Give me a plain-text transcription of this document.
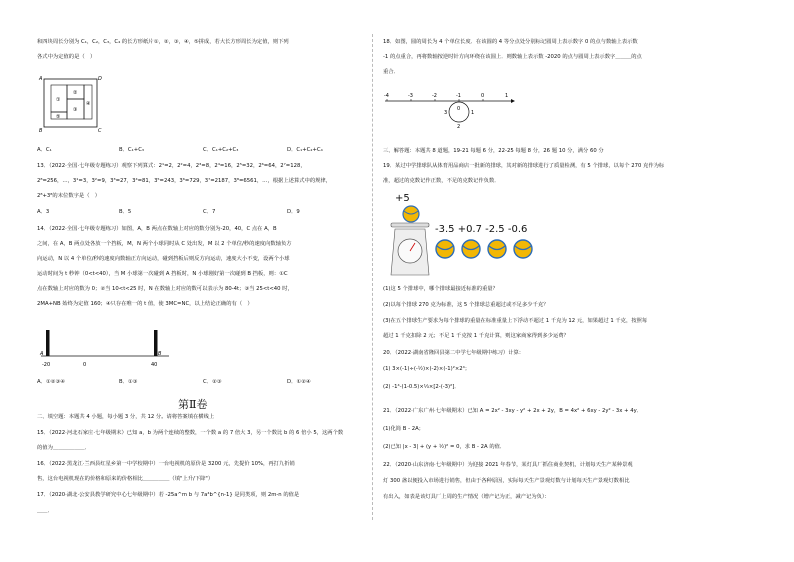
和四块周长分别为 C₁，C₂，C₃，C₄ 的长方形纸片①，②，③，④，⑤拼成，若大长方形周长为定值，则下列
各式中为定值的是（　）
A	D
B	C
①
②
③
④
⑤
A．C₁	B．C₁+C₃	C．C₁+C₂+C₃	D．C₁+C₂+C₄
13．（2022·全国·七年级专题练习）观察下列算式：2¹=2，2²=4，2³=8，2⁴=16，2⁵=32，2⁶=64，2⁷=128，
2⁸=256，…，3¹=3，3²=9，3³=27，3⁴=81，3⁵=243，3⁶=729，3⁷=2187，3⁸=6561，…，根据上述算式中的规律，
2⁸+3⁸的末位数字是（　）
A．3	B．5	C．7	D．9
14．（2022·全国·七年级专题练习）如图，A，B 两点在数轴上对应的数分别为-20，40，C 点在 A，B
之间，在 A，B 两点处各放一个挡板，M，N 两个小球同时从 C 处出发，M 以 2 个单位/秒的速度向数轴负方
向运动，N 以 4 个单位/秒的速度向数轴正方向运动，碰到挡板后则反方向运动，速度大小不变，设两个小球
运动时间为 t 秒钟（0<t<40），当 M 小球第一次碰到 A 挡板时，N 小球刚好第一次碰到 B 挡板，则：①C
点在数轴上对应的数为 0；②当 10<t<25 时，N 在数轴上对应的数可以表示为 80-4t；③当 25<t<40 时，
2MA+NB 始终为定值 160；④只存在唯一的 t 值，使 3MC=NC，以上结论正确的有（　）
A	B
-20	0	40
A．①②③④	B．①③	C．②③	D．①②④
二、填空题：本题共 4 小题，每小题 3 分，共 12 分。请将答案填在横线上
15．（2022·河北石家庄·七年级期末）已知 a，b 为两个连续的整数，一个数 a 的 7 倍大 3，另一个数比 b 的 6 倍小 5，这两个数
的值为＿＿＿＿＿＿．
16．（2022·黑龙江·兰西县红星乡第一中学校期中）一台电视机的原价是 3200 元，先提价 10%，再打九折销
售，这台电视机现在的价格和原来的价格相比＿＿＿＿＿（填"上升/下降"）
17．（2020·湖北·公安县教学研究中心七年级期中）若 -25a^m b 与 7a⁴b^{n-1} 是同类项，则 2m-n 的值是
＿＿．
第Ⅱ卷
18．如图，圆的周长为 4 个单位长度．在该圆的 4 等分点处分别标记圆周上表示数字 0 的点与数轴上表示数
-1 的点重合，再将数轴按逆时针方向环绕在该圆上．则数轴上表示数 -2020 的点与圆周上表示数字＿＿＿的点
重合．
-4	-3	-2	-1	0	1
0
1
2
3
三、解答题：本题共 8 道题，19-21 每题 6 分，22-25 每题 8 分，26 题 10 分，满分 60 分
19．某过中学排球队从体育用品商店一批新的排球，其对新的排球进行了质量检测，有 5 个排球，以每个 270 克作为标
准，超过的克数记作正数，不足的克数记作负数．
+5
-3.5 +0.7 -2.5 -0.6
(1)这 5 个排球中，哪个排球最接近标准的重量？
(2)以每个排球 270 克为标准，这 5 个排球总重超过或不足多少千克？
(3)在五个排球生产要求为每个排球的重量在标准重量上下浮动不超过 1 千克为 12 元，如果超过 1 千克，按照每
超过 1 千克扣除 2 元；不足 1 千克按 1 千克计算，则这家商家得到多少运费？
20．（2022·湖南省隆回县第二中学七年级期中练习）计算：
(1) 3×(-1)÷(-½)×(-2)×(-1)²×2⁴；
(2) -1⁴-(1-0.5)×⅓×[2-(-3)²]．
21．（2022·广东广州·七年级期末）已知 A = 2x² - 3xy - y² + 2x + 2y，B = 4x² + 6xy - 2y² - 3x + 4y．
(1)化简 B - 2A；
(2)已知 |x - 3| + (y + ½)² = 0，求 B - 2A 的值．
22．（2020·山东济南·七年级期中）为迎接 2021 年春节，某灯具厂抓住商业契机，计划每天生产某种景观
灯 300 盏以便投入市场进行销售，但由于各种原因，实际每天生产景观灯数与计划每天生产景观灯数相比
有出入，如表是该灯具厂上周的生产情况（增产记为正，减产记为负）：
